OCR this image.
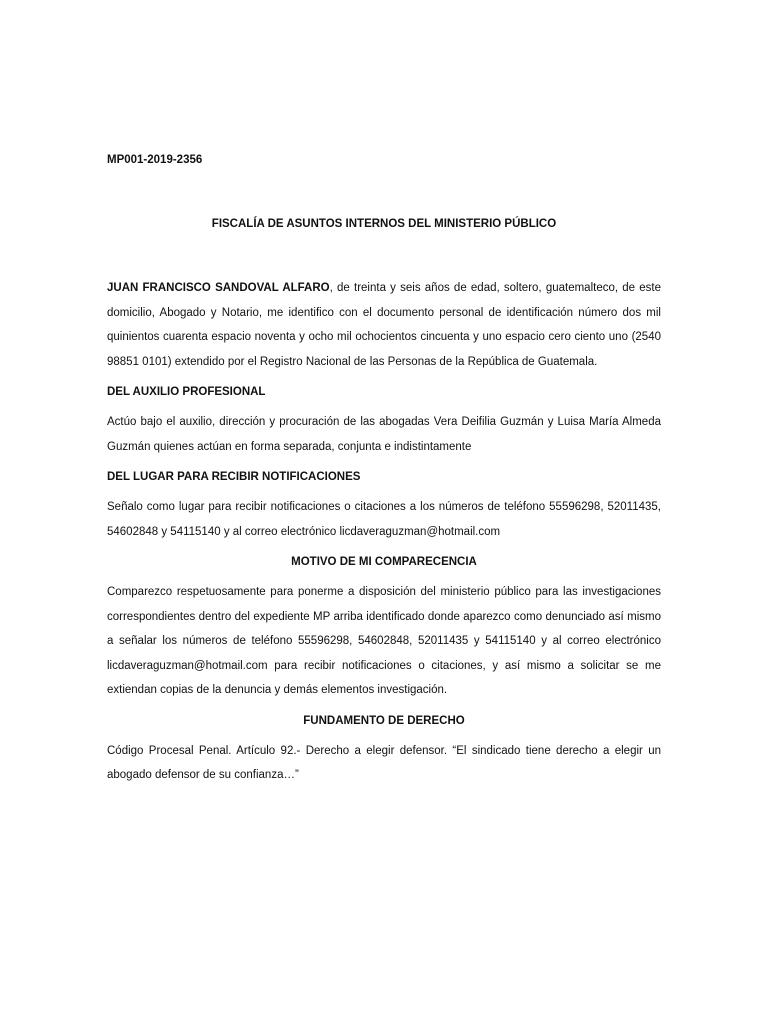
MP001-2019-2356

FISCALÍA DE ASUNTOS INTERNOS DEL MINISTERIO PÚBLICO

JUAN FRANCISCO SANDOVAL ALFARO, de treinta y seis años de edad, soltero, guatemalteco, de este domicilio, Abogado y Notario, me identifico con el documento personal de identificación número dos mil quinientos cuarenta espacio noventa y ocho mil ochocientos cincuenta y uno espacio cero ciento uno (2540 98851 0101) extendido por el Registro Nacional de las Personas de la República de Guatemala.

DEL AUXILIO PROFESIONAL

Actúo bajo el auxilio, dirección y procuración de las abogadas Vera Deifilia Guzmán y Luisa María Almeda Guzmán quienes actúan en forma separada, conjunta e indistintamente

DEL LUGAR PARA RECIBIR NOTIFICACIONES

Señalo como lugar para recibir notificaciones o citaciones a los números de teléfono 55596298, 52011435, 54602848 y 54115140 y al correo electrónico licdaveraguzman@hotmail.com

MOTIVO DE MI COMPARECENCIA

Comparezco respetuosamente para ponerme a disposición del ministerio público para las investigaciones correspondientes dentro del expediente MP arriba identificado donde aparezco como denunciado así mismo a señalar los números de teléfono 55596298, 54602848, 52011435 y 54115140 y al correo electrónico licdaveraguzman@hotmail.com para recibir notificaciones o citaciones, y así mismo a solicitar se me extiendan copias de la denuncia y demás elementos investigación.

FUNDAMENTO DE DERECHO

Código Procesal Penal. Artículo 92.- Derecho a elegir defensor. “El sindicado tiene derecho a elegir un abogado defensor de su confianza…”
